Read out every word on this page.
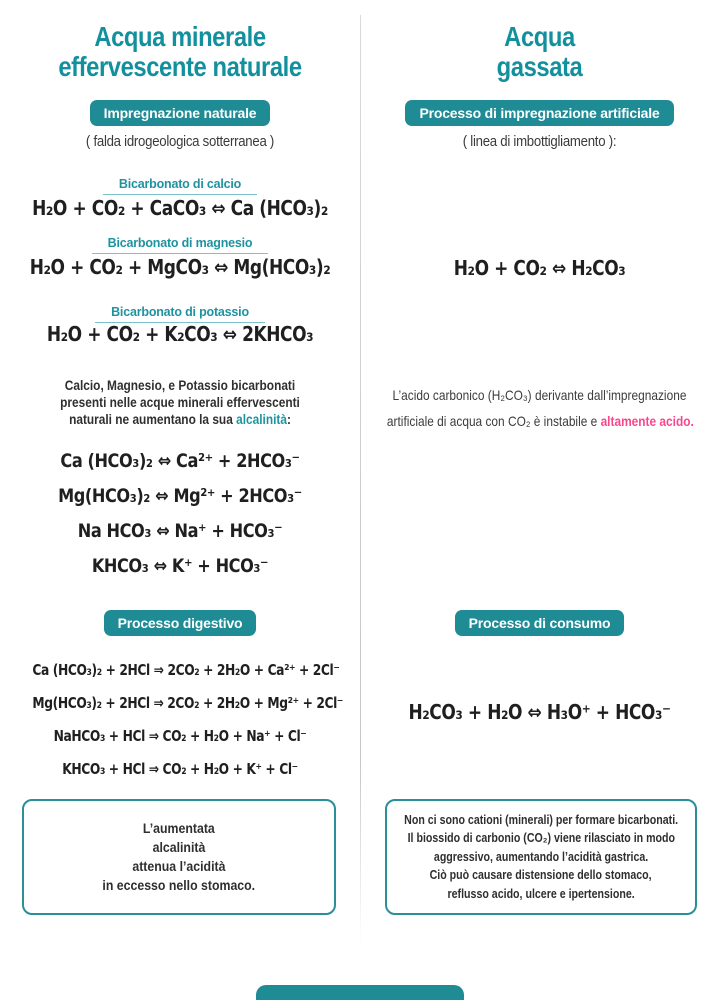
Acqua minerale
effervescente naturale
Impregnazione naturale
( falda idrogeologica sotterranea )
Bicarbonato di calcio
H₂O + CO₂ + CaCO₃ ⇔ Ca (HCO₃)₂
Bicarbonato di magnesio
H₂O + CO₂ + MgCO₃ ⇔ Mg(HCO₃)₂
Bicarbonato di potassio
H₂O + CO₂ + K₂CO₃ ⇔ 2KHCO₃
Calcio, Magnesio, e Potassio bicarbonati
presenti nelle acque minerali effervescenti
naturali ne aumentano la sua alcalinità:
Ca (HCO₃)₂ ⇔ Ca²⁺ + 2HCO₃⁻
Mg(HCO₃)₂ ⇔ Mg²⁺ + 2HCO₃⁻
Na HCO₃ ⇔ Na⁺ + HCO₃⁻
KHCO₃ ⇔ K⁺ + HCO₃⁻
Processo digestivo
Ca (HCO₃)₂ + 2HCl ⇒ 2CO₂ + 2H₂O + Ca²⁺ + 2Cl⁻
Mg(HCO₃)₂ + 2HCl ⇒ 2CO₂ + 2H₂O + Mg²⁺ + 2Cl⁻
NaHCO₃ + HCl ⇒ CO₂ + H₂O + Na⁺ + Cl⁻
KHCO₃ + HCl ⇒ CO₂ + H₂O + K⁺ + Cl⁻
L’aumentata
alcalinità
attenua l’acidità
in eccesso nello stomaco.
Acqua
gassata
Processo di impregnazione artificiale
( linea di imbottigliamento ):
H₂O + CO₂ ⇔ H₂CO₃
L’acido carbonico (H₂CO₃) derivante dall’impregnazione
artificiale di acqua con CO₂ è instabile e altamente acido.
Processo di consumo
H₂CO₃ + H₂O ⇔ H₃O⁺ + HCO₃⁻
Non ci sono cationi (minerali) per formare bicarbonati.
Il biossido di carbonio (CO₂) viene rilasciato in modo
aggressivo, aumentando l’acidità gastrica.
Ciò può causare distensione dello stomaco,
reflusso acido, ulcere e ipertensione.
